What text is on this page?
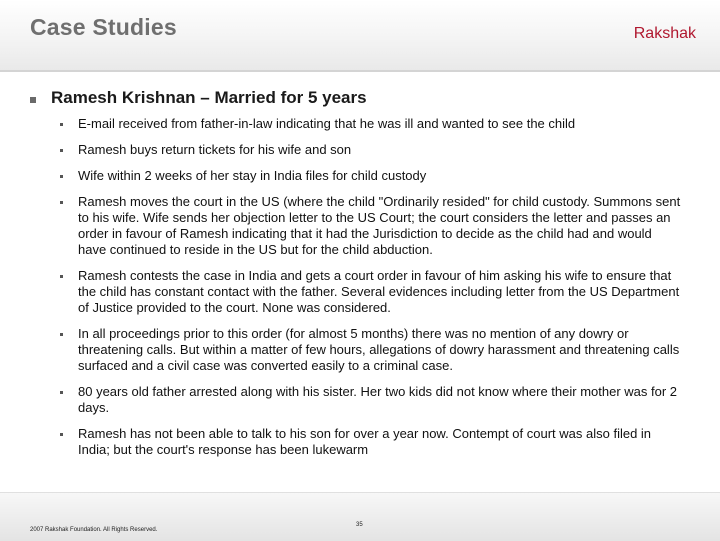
Case Studies	Rakshak
Ramesh Krishnan – Married for 5 years
E-mail received from father-in-law indicating that he was ill and wanted to see the child
Ramesh buys return tickets for his wife and son
Wife within 2 weeks of her stay in India files for child custody
Ramesh moves the court in the US (where the child "Ordinarily resided" for child custody. Summons sent to his wife. Wife sends her objection letter to the US Court; the court considers the letter and passes an order in favour of Ramesh indicating that it had the Jurisdiction to decide as the child had and would have continued to reside in the US but for the child abduction.
Ramesh contests the case in India and gets a court order in favour of him asking his wife to ensure that the child has constant contact with the father. Several evidences including letter from the US Department of Justice provided to the court. None was considered.
In all proceedings prior to this order (for almost 5 months) there was no mention of any dowry or threatening calls. But within a matter of few hours, allegations of dowry harassment and threatening calls surfaced and a civil case was converted easily to a criminal case.
80 years old father arrested along with his sister. Her two kids did not know where their mother was for 2 days.
Ramesh has not been able to talk to his son for over a year now. Contempt of court was also filed in India; but the court's response has been lukewarm
2007 Rakshak Foundation. All Rights Reserved.
35
